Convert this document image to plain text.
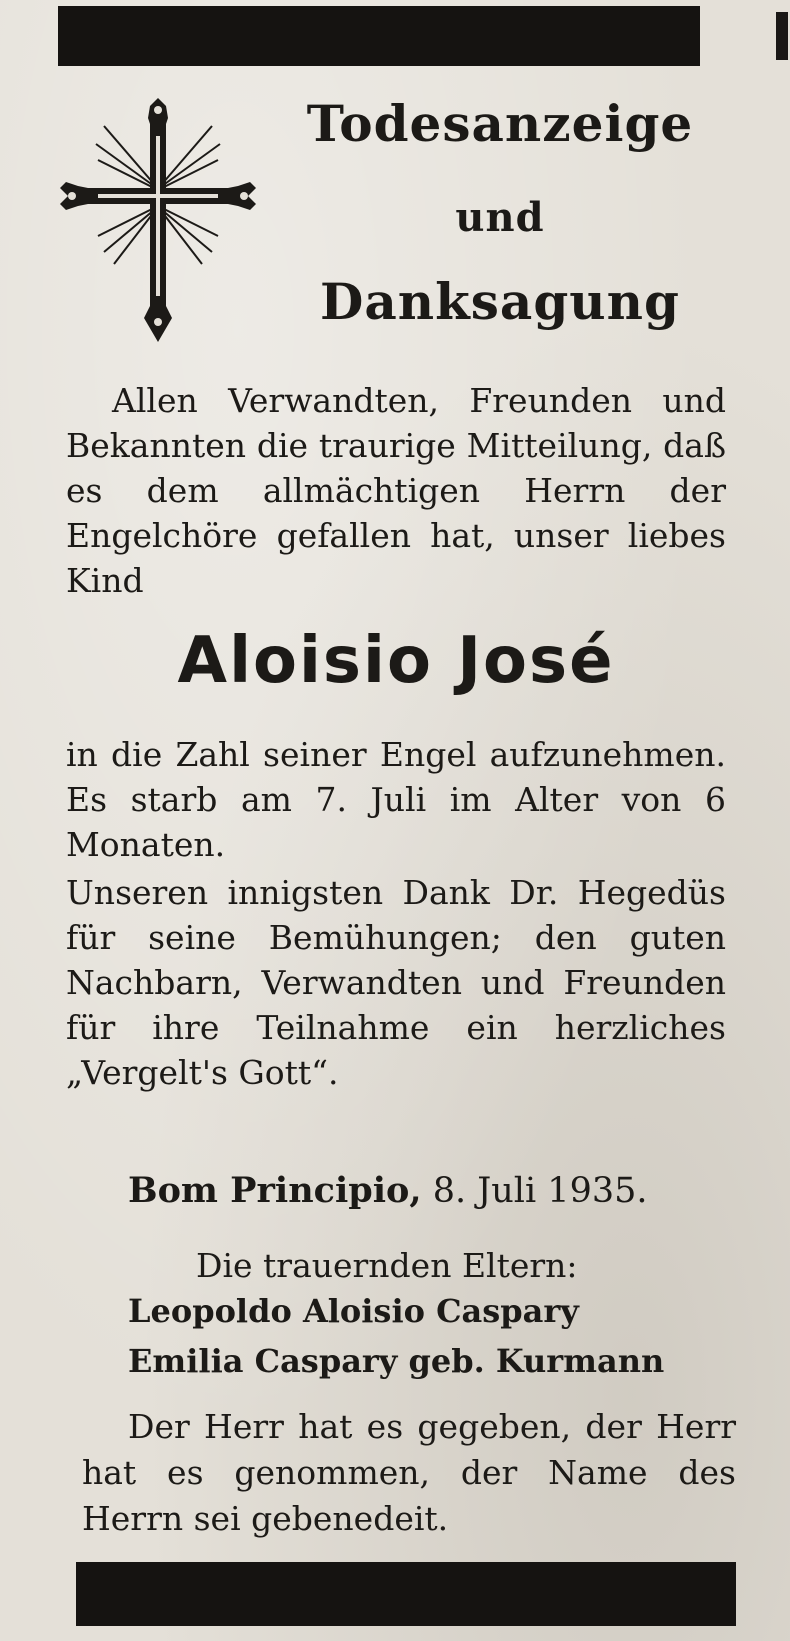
Todesanzeige
und
Danksagung
Allen Verwandten, Freunden und Bekannten die traurige Mitteilung, daß es dem allmächtigen Herrn der Engelchöre gefallen hat, unser liebes Kind
Aloisio José
in die Zahl seiner Engel aufzunehmen. Es starb am 7. Juli im Alter von 6 Monaten.
Unseren innigsten Dank Dr. Hegedüs für seine Bemühungen; den guten Nachbarn, Verwandten und Freunden für ihre Teilnahme ein herzliches „Vergelt's Gott“.
Bom Principio, 8. Juli 1935.
Die trauernden Eltern:
Leopoldo Aloisio Caspary
Emilia Caspary geb. Kurmann
Der Herr hat es gegeben, der Herr hat es genommen, der Name des Herrn sei gebenedeit.
